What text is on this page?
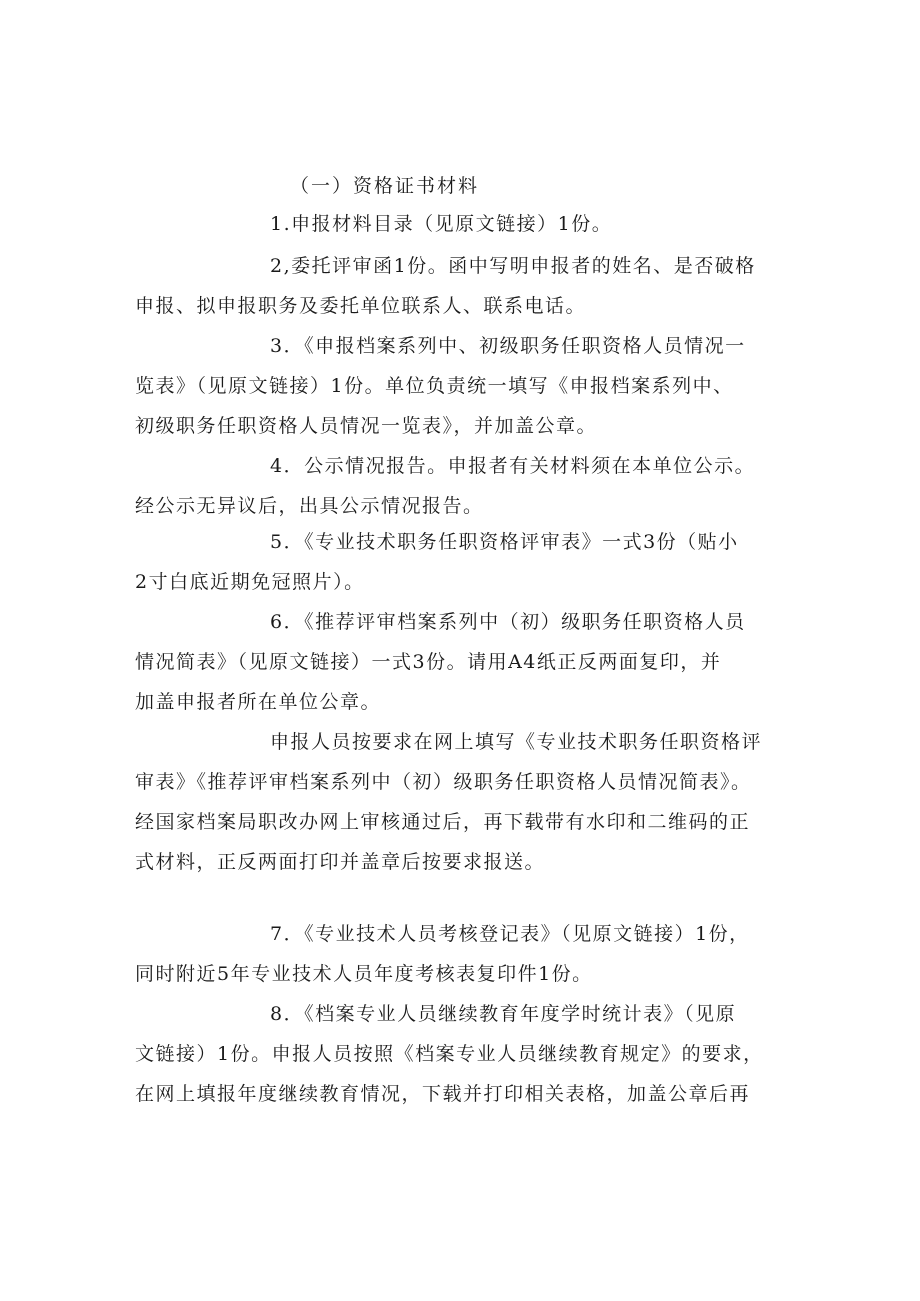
（一）资格证书材料
1.申报材料目录（见原文链接）1份。
2,委托评审函1份。函中写明申报者的姓名、是否破格
申报、拟申报职务及委托单位联系人、联系电话。
3．《申报档案系列中、初级职务任职资格人员情况一
览表》（见原文链接）1份。单位负责统一填写《申报档案系列中、
初级职务任职资格人员情况一览表》，并加盖公章。
4．公示情况报告。申报者有关材料须在本单位公示。
经公示无异议后，出具公示情况报告。
5．《专业技术职务任职资格评审表》一式3份（贴小
2寸白底近期免冠照片）。
6．《推荐评审档案系列中（初）级职务任职资格人员
情况简表》（见原文链接）一式3份。请用A4纸正反两面复印，并
加盖申报者所在单位公章。
申报人员按要求在网上填写《专业技术职务任职资格评
审表》《推荐评审档案系列中（初）级职务任职资格人员情况简表》。
经国家档案局职改办网上审核通过后，再下载带有水印和二维码的正
式材料，正反两面打印并盖章后按要求报送。
7．《专业技术人员考核登记表》（见原文链接）1份，
同时附近5年专业技术人员年度考核表复印件1份。
8．《档案专业人员继续教育年度学时统计表》（见原
文链接）1份。申报人员按照《档案专业人员继续教育规定》的要求，
在网上填报年度继续教育情况，下载并打印相关表格，加盖公章后再
